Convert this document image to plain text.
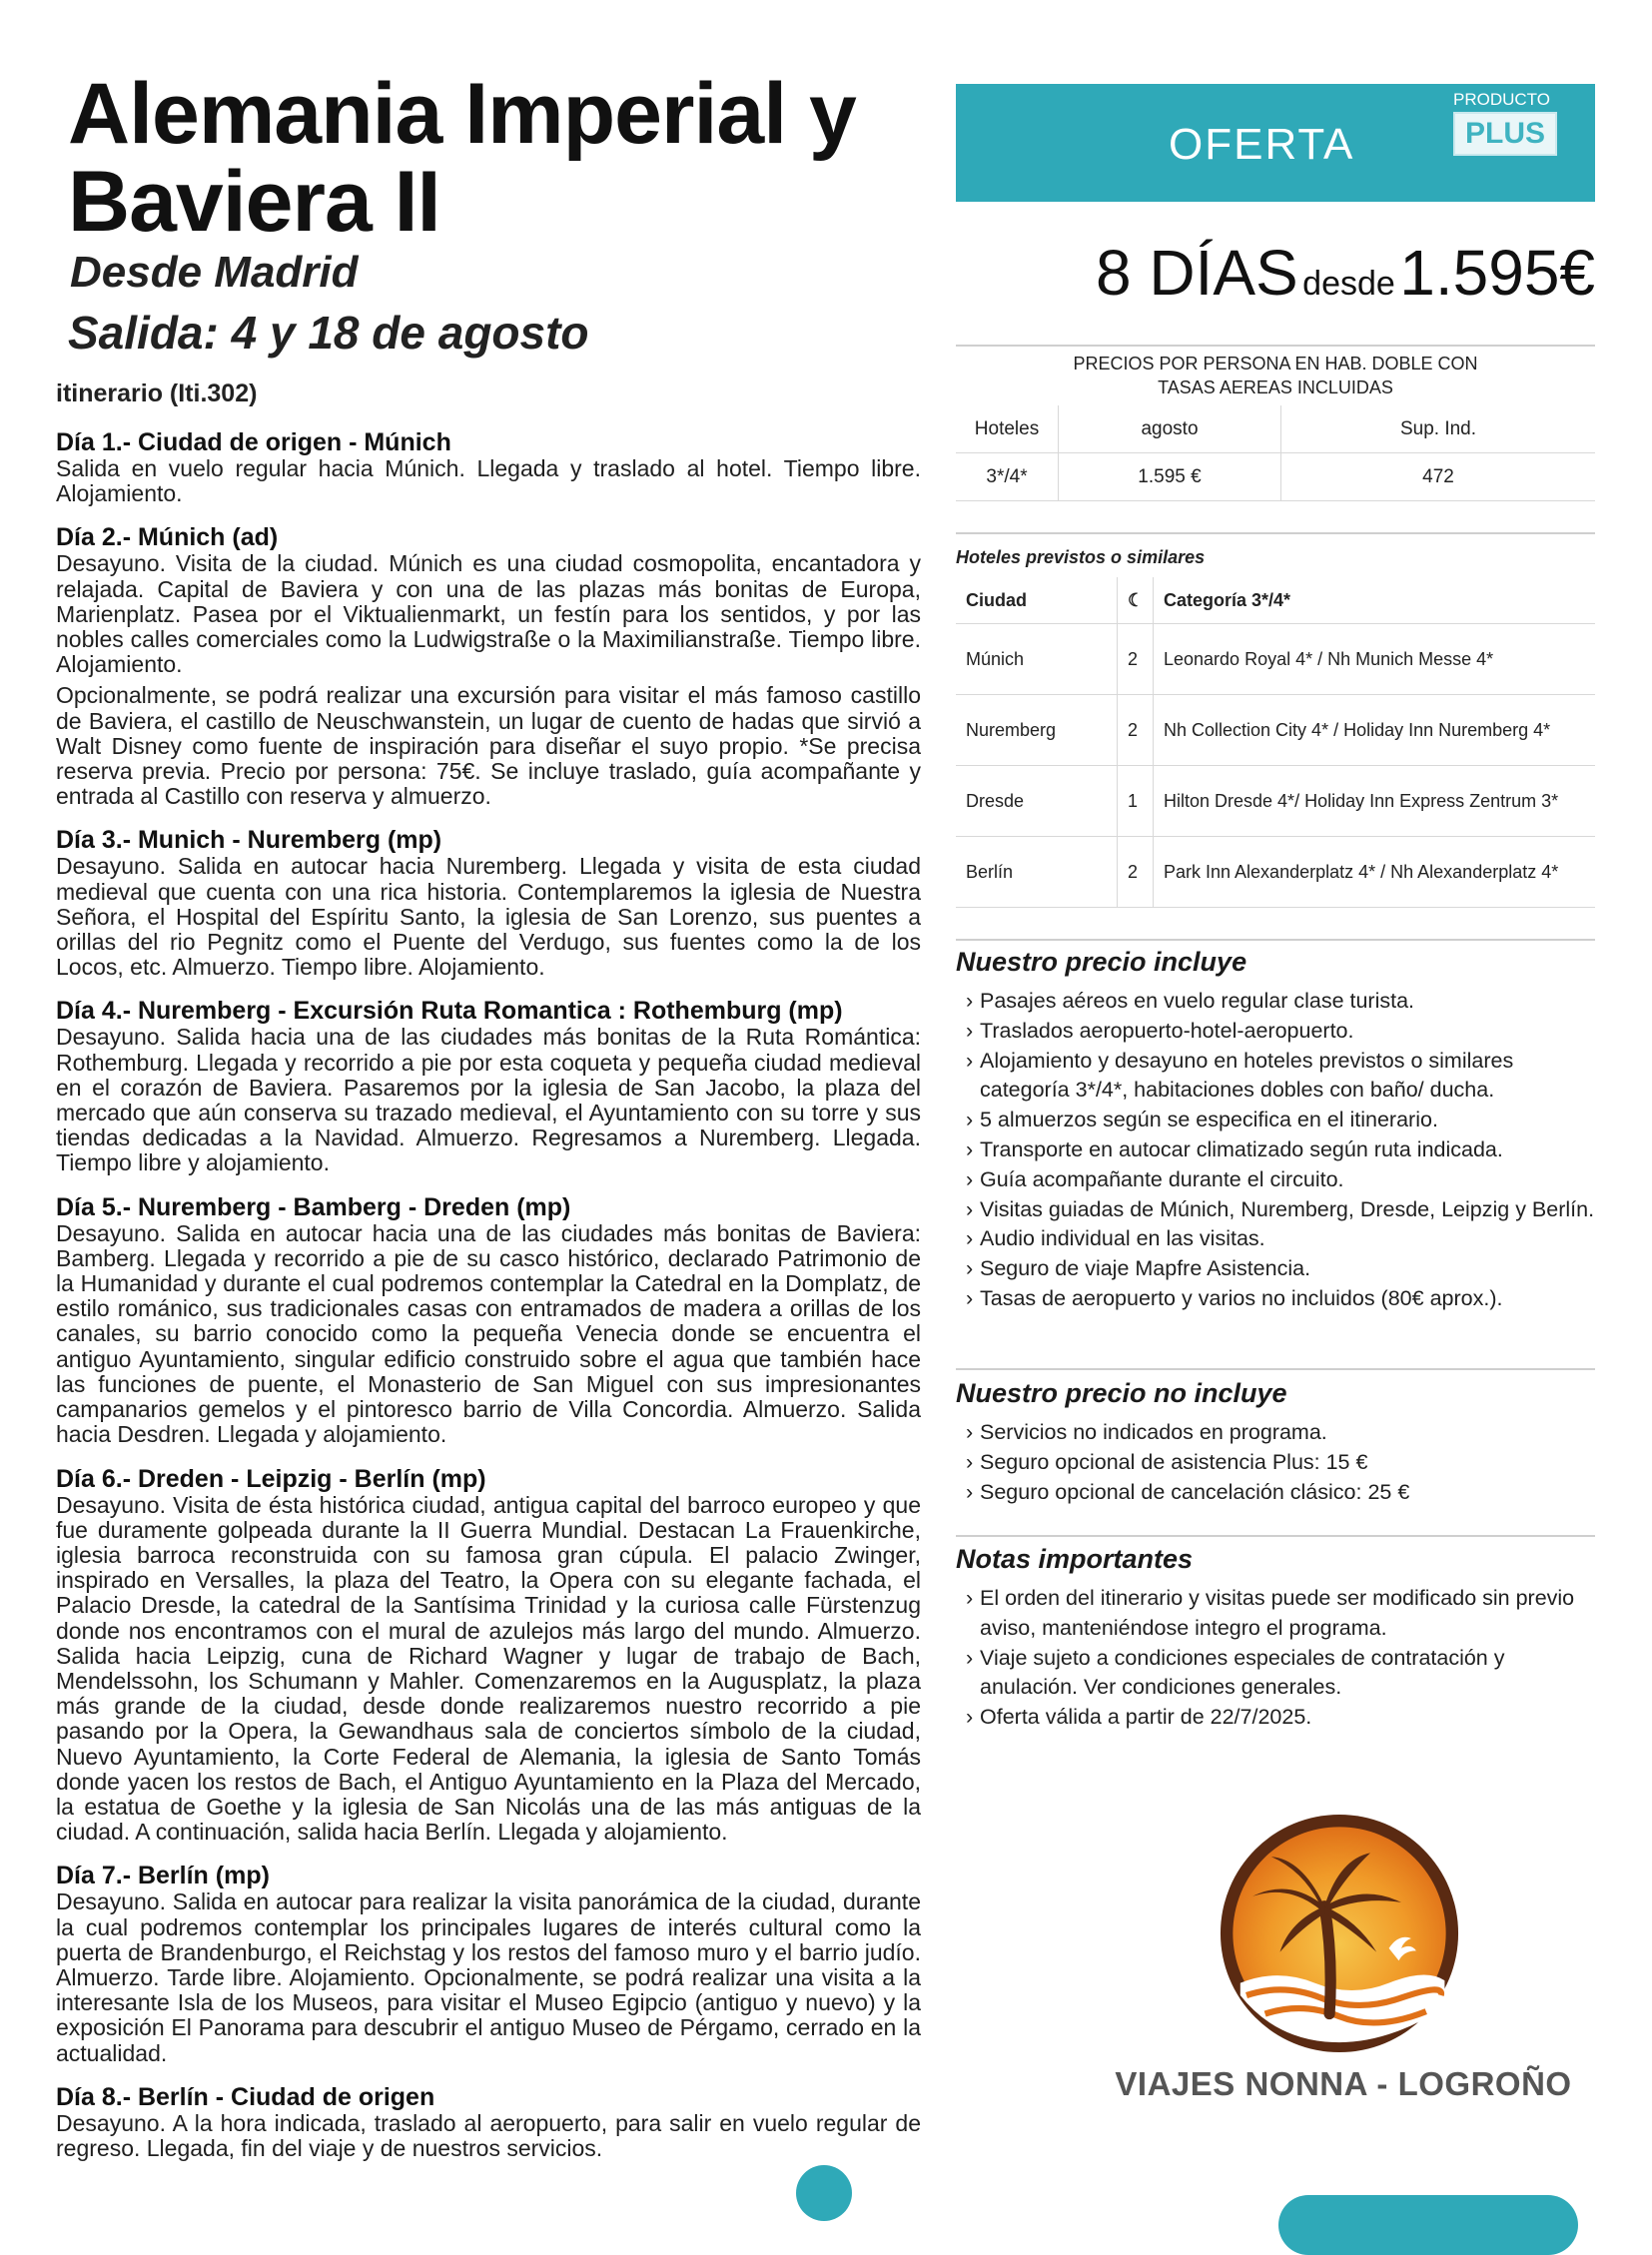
Alemania Imperial y Baviera II
Desde Madrid
Salida: 4 y 18 de agosto
itinerario (Iti.302)
Día 1.- Ciudad de origen - Múnich

Salida en vuelo regular hacia Múnich. Llegada y traslado al hotel. Tiempo libre. Alojamiento.

Día 2.- Múnich (ad)

Desayuno. Visita de la ciudad. Múnich es una ciudad cosmopolita, encantadora y relajada. Capital de Baviera y con una de las plazas más bonitas de Europa, Marienplatz. Pasea por el Viktualienmarkt, un festín para los sentidos, y por las nobles calles comerciales como la Ludwigstraße o la Maximilianstraße. Tiempo libre. Alojamiento.

Opcionalmente, se podrá realizar una excursión para visitar el más famoso castillo de Baviera, el castillo de Neuschwanstein, un lugar de cuento de hadas que sirvió a Walt Disney como fuente de inspiración para diseñar el suyo propio. *Se precisa reserva previa. Precio por persona: 75€. Se incluye traslado, guía acompañante y entrada al Castillo con reserva y almuerzo.

Día 3.- Munich - Nuremberg (mp)

Desayuno. Salida en autocar hacia Nuremberg. Llegada y visita de esta ciudad medieval que cuenta con una rica historia. Contemplaremos la iglesia de Nuestra Señora, el Hospital del Espíritu Santo, la iglesia de San Lorenzo, sus puentes a orillas del rio Pegnitz como el Puente del Verdugo, sus fuentes como la de los Locos, etc. Almuerzo. Tiempo libre. Alojamiento.

Día 4.- Nuremberg - Excursión Ruta Romantica : Rothemburg (mp)

Desayuno. Salida hacia una de las ciudades más bonitas de la Ruta Romántica: Rothemburg. Llegada y recorrido a pie por esta coqueta y pequeña ciudad medieval en el corazón de Baviera. Pasaremos por la iglesia de San Jacobo, la plaza del mercado que aún conserva su trazado medieval, el Ayuntamiento con su torre y sus tiendas dedicadas a la Navidad. Almuerzo. Regresamos a Nuremberg. Llegada. Tiempo libre y alojamiento.

Día 5.- Nuremberg - Bamberg - Dreden (mp)

Desayuno. Salida en autocar hacia una de las ciudades más bonitas de Baviera: Bamberg. Llegada y recorrido a pie de su casco histórico, declarado Patrimonio de la Humanidad y durante el cual podremos contemplar la Catedral en la Domplatz, de estilo románico, sus tradicionales casas con entramados de madera a orillas de los canales, su barrio conocido como la pequeña Venecia donde se encuentra el antiguo Ayuntamiento, singular edificio construido sobre el agua que también hace las funciones de puente, el Monasterio de San Miguel con sus impresionantes campanarios gemelos y el pintoresco barrio de Villa Concordia. Almuerzo. Salida hacia Desdren. Llegada y alojamiento.

Día 6.- Dreden - Leipzig - Berlín (mp)

Desayuno. Visita de ésta histórica ciudad, antigua capital del barroco europeo y que fue duramente golpeada durante la II Guerra Mundial. Destacan La Frauenkirche, iglesia barroca reconstruida con su famosa gran cúpula. El palacio Zwinger, inspirado en Versalles, la plaza del Teatro, la Opera con su elegante fachada, el Palacio Dresde, la catedral de la Santísima Trinidad y la curiosa calle Fürstenzug donde nos encontramos con el mural de azulejos más largo del mundo. Almuerzo. Salida hacia Leipzig, cuna de Richard Wagner y lugar de trabajo de Bach, Mendelssohn, los Schumann y Mahler. Comenzaremos en la Augusplatz, la plaza más grande de la ciudad, desde donde realizaremos nuestro recorrido a pie pasando por la Opera, la Gewandhaus sala de conciertos símbolo de la ciudad, Nuevo Ayuntamiento, la Corte Federal de Alemania, la iglesia de Santo Tomás donde yacen los restos de Bach, el Antiguo Ayuntamiento en la Plaza del Mercado, la estatua de Goethe y la iglesia de San Nicolás una de las más antiguas de la ciudad. A continuación, salida hacia Berlín. Llegada y alojamiento.

Día 7.- Berlín (mp)

Desayuno. Salida en autocar para realizar la visita panorámica de la ciudad, durante la cual podremos contemplar los principales lugares de interés cultural como la puerta de Brandenburgo, el Reichstag y los restos del famoso muro y el barrio judío. Almuerzo. Tarde libre. Alojamiento. Opcionalmente, se podrá realizar una visita a la interesante Isla de los Museos, para visitar el Museo Egipcio (antiguo y nuevo) y la exposición El Panorama para descubrir el antiguo Museo de Pérgamo, cerrado en la actualidad.

Día 8.- Berlín - Ciudad de origen

Desayuno. A la hora indicada, traslado al aeropuerto, para salir en vuelo regular de regreso. Llegada, fin del viaje y de nuestros servicios.

OFERTA
PRODUCTO
PLUS
8 DÍAS desde 1.595€
PRECIOS POR PERSONA EN HAB. DOBLE CON
TASAS AEREAS INCLUIDAS
Hoteles	agosto	Sup. Ind.
3*/4*	1.595 €	472
Hoteles previstos o similares
Ciudad	☾	Categoría 3*/4*
Múnich	2	Leonardo Royal 4* / Nh Munich Messe 4*
Nuremberg	2	Nh Collection City 4* / Holiday Inn Nuremberg 4*
Dresde	1	Hilton Dresde 4*/ Holiday Inn Express Zentrum 3*
Berlín	2	Park Inn Alexanderplatz 4* / Nh Alexanderplatz 4*
Nuestro precio incluye
› Pasajes aéreos en vuelo regular clase turista.
› Traslados aeropuerto-hotel-aeropuerto.
› Alojamiento y desayuno en hoteles previstos o similares categoría 3*/4*, habitaciones dobles con baño/ ducha.
› 5 almuerzos según se especifica en el itinerario.
› Transporte en autocar climatizado según ruta indicada.
› Guía acompañante durante el circuito.
› Visitas guiadas de Múnich, Nuremberg, Dresde, Leipzig y Berlín.
› Audio individual en las visitas.
› Seguro de viaje Mapfre Asistencia.
› Tasas de aeropuerto y varios no incluidos (80€ aprox.).
Nuestro precio no incluye
› Servicios no indicados en programa.
› Seguro opcional de asistencia Plus: 15 €
› Seguro opcional de cancelación clásico: 25 €
Notas importantes
› El orden del itinerario y visitas puede ser modificado sin previo aviso, manteniéndose integro el programa.
› Viaje sujeto a condiciones especiales de contratación y anulación. Ver condiciones generales.
› Oferta válida a partir de 22/7/2025.
VIAJES NONNA - LOGROÑO
